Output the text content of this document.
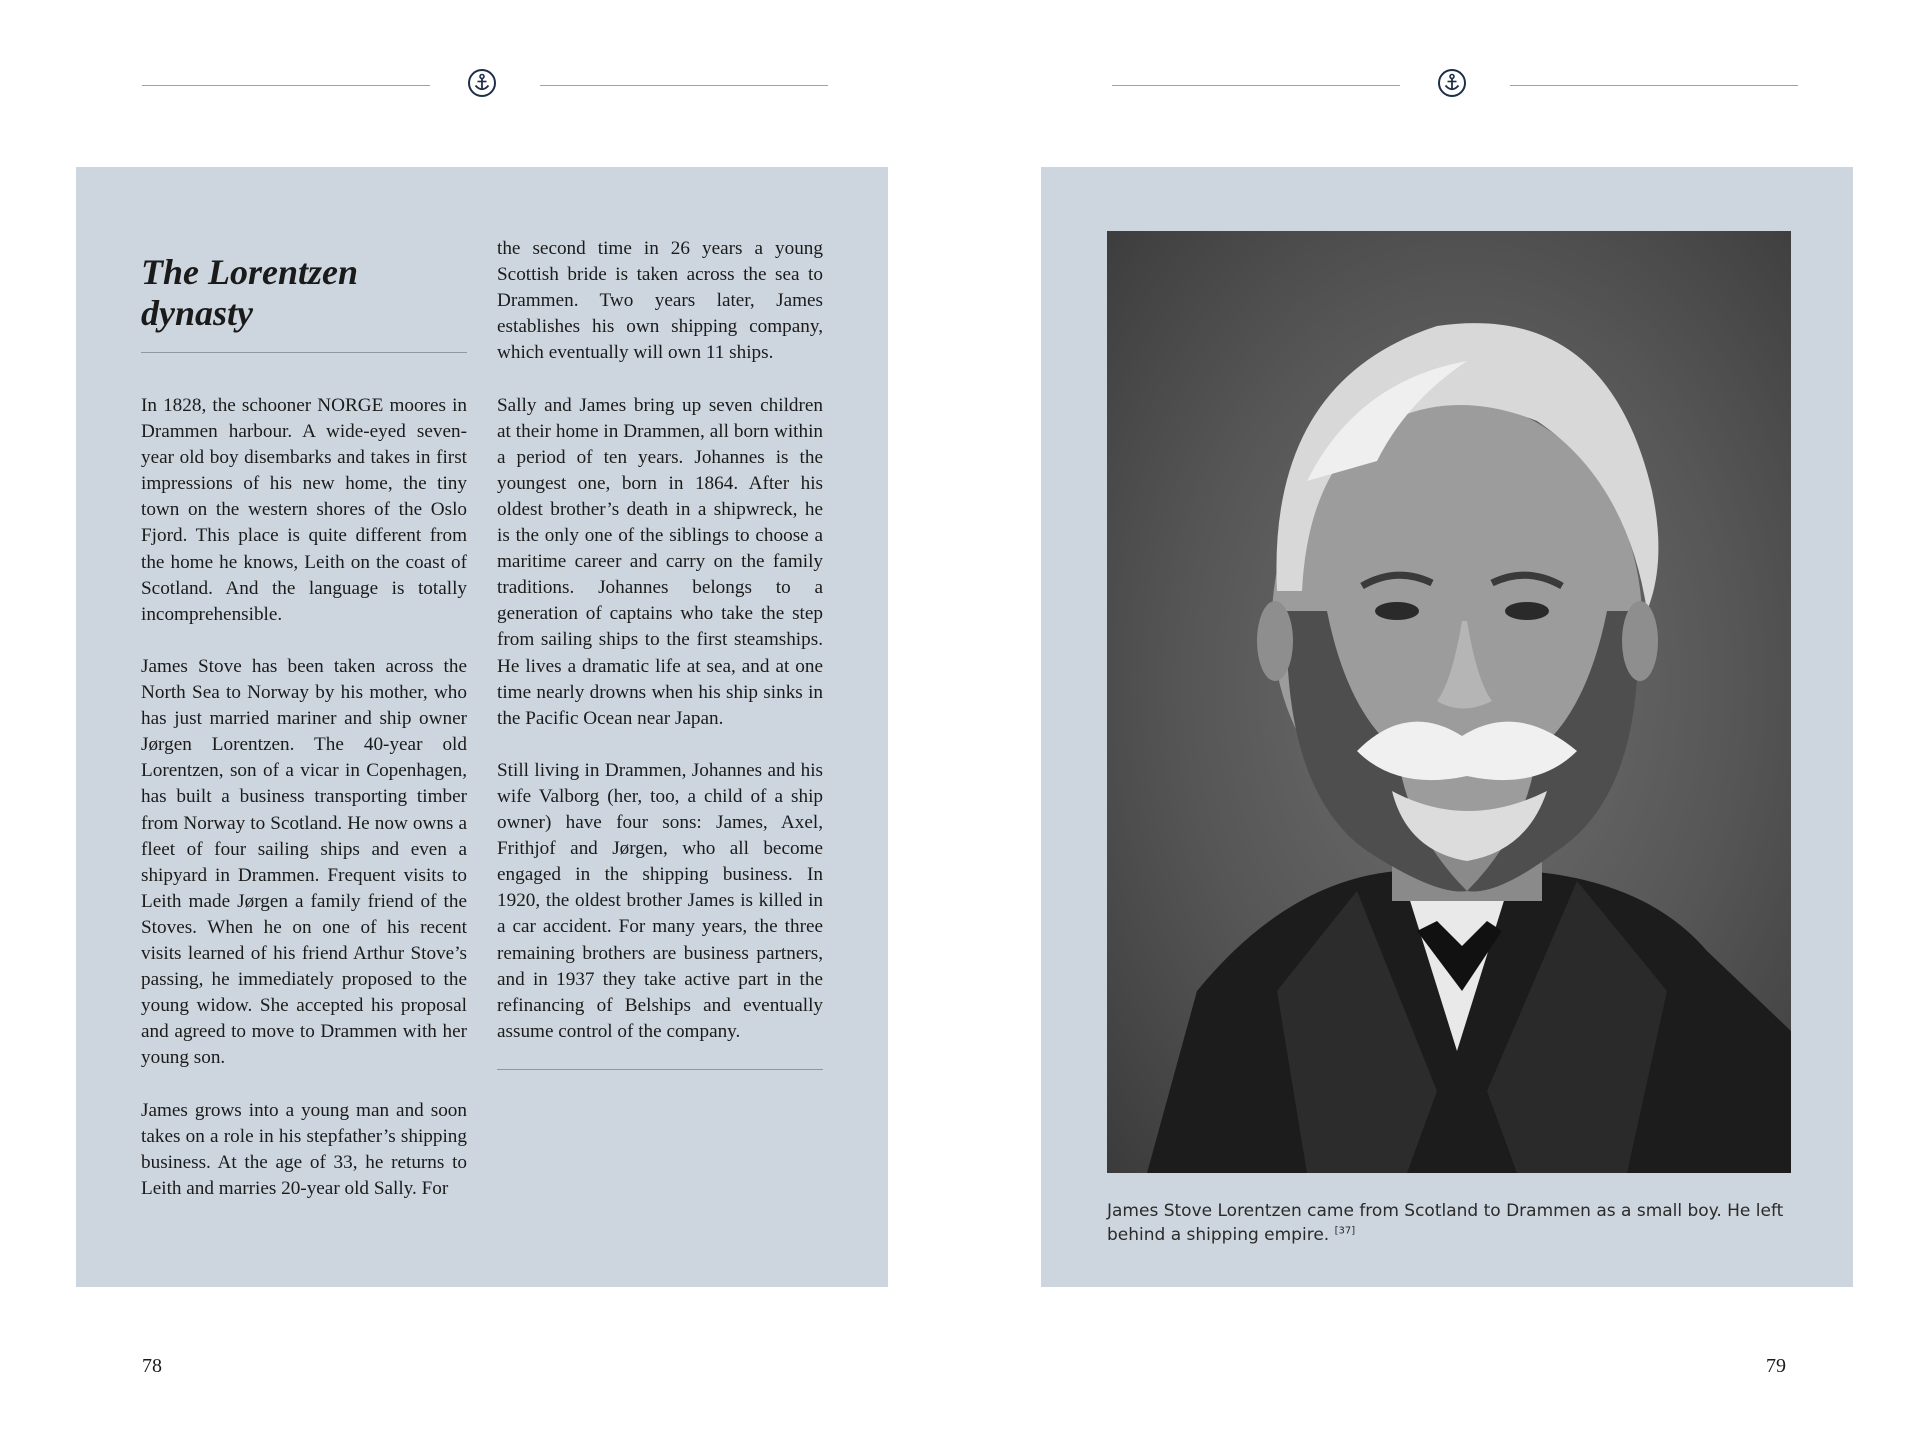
The Lorentzen
dynasty

In 1828, the schooner NORGE moores in Drammen harbour. A wide-eyed seven-year old boy disembarks and takes in first impressions of his new home, the tiny town on the western shores of the Oslo Fjord. This place is quite different from the home he knows, Leith on the coast of Scotland. And the language is totally incomprehensible.

James Stove has been taken across the North Sea to Norway by his mother, who has just married mariner and ship owner Jørgen Lorentzen. The 40-year old Lorentzen, son of a vicar in Copenhagen, has built a business transporting timber from Norway to Scotland. He now owns a fleet of four sailing ships and even a shipyard in Drammen. Frequent visits to Leith made Jørgen a family friend of the Stoves. When he on one of his recent visits learned of his friend Arthur Stove’s passing, he immediately proposed to the young widow. She accepted his proposal and agreed to move to Drammen with her young son.

James grows into a young man and soon takes on a role in his stepfather’s shipping business. At the age of 33, he returns to Leith and marries 20-year old Sally. For

the second time in 26 years a young Scottish bride is taken across the sea to Drammen. Two years later, James establishes his own shipping company, which eventually will own 11 ships.

Sally and James bring up seven children at their home in Drammen, all born within a period of ten years. Johannes is the youngest one, born in 1864. After his oldest brother’s death in a shipwreck, he is the only one of the siblings to choose a maritime career and carry on the family traditions. Johannes belongs to a generation of captains who take the step from sailing ships to the first steamships. He lives a dramatic life at sea, and at one time nearly drowns when his ship sinks in the Pacific Ocean near Japan.

Still living in Drammen, Johannes and his wife Valborg (her, too, a child of a ship owner) have four sons: James, Axel, Frithjof and Jørgen, who all become engaged in the shipping business. In 1920, the oldest brother James is killed in a car accident. For many years, the three remaining brothers are business partners, and in 1937 they take active part in the refinancing of Belships and eventually assume control of the company.

78

James Stove Lorentzen came from Scotland to Drammen as a small boy. He left behind a shipping empire. [37]

79
